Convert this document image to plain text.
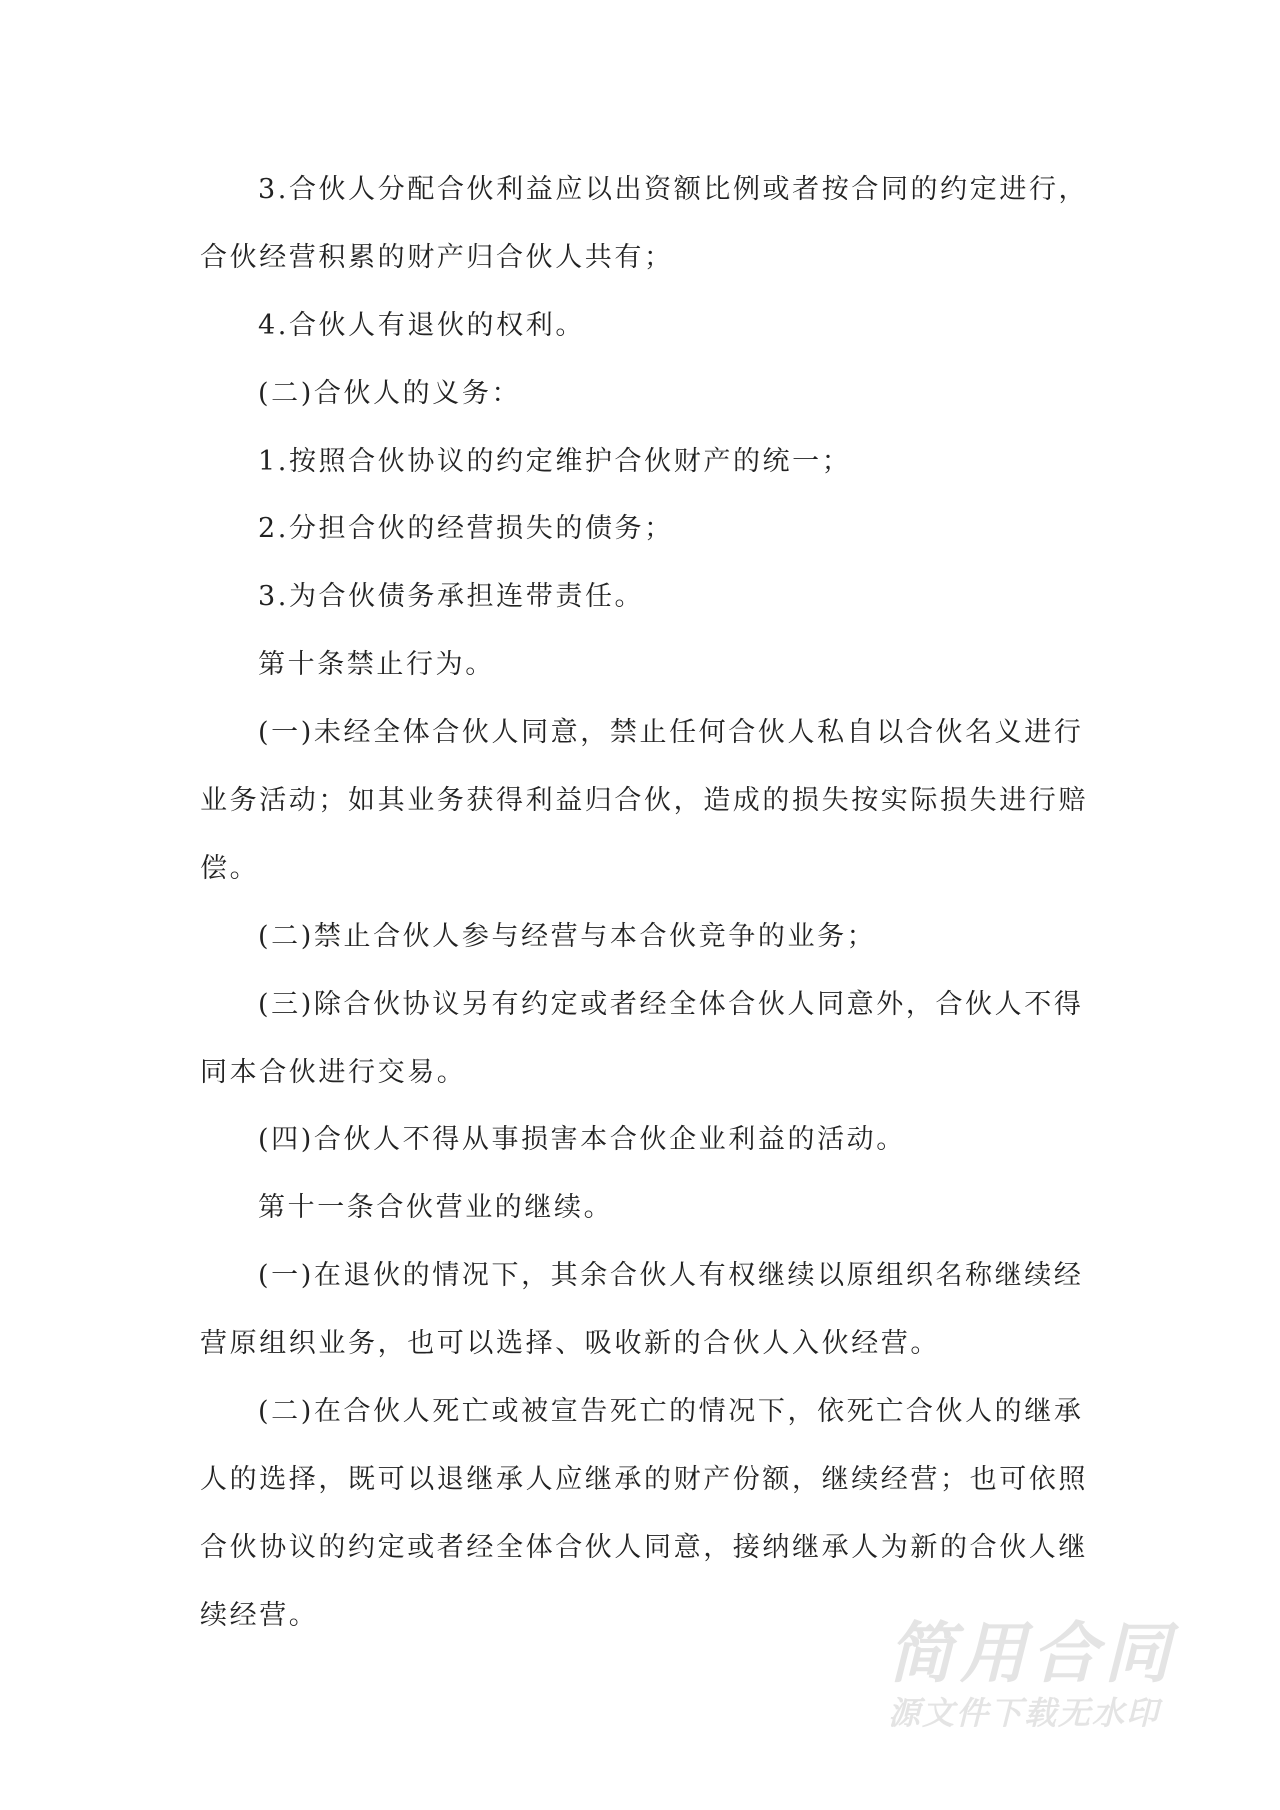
3.合伙人分配合伙利益应以出资额比例或者按合同的约定进行，
合伙经营积累的财产归合伙人共有；
4.合伙人有退伙的权利。
(二)合伙人的义务：
1.按照合伙协议的约定维护合伙财产的统一；
2.分担合伙的经营损失的债务；
3.为合伙债务承担连带责任。
第十条禁止行为。
(一)未经全体合伙人同意，禁止任何合伙人私自以合伙名义进行
业务活动；如其业务获得利益归合伙，造成的损失按实际损失进行赔
偿。
(二)禁止合伙人参与经营与本合伙竞争的业务；
(三)除合伙协议另有约定或者经全体合伙人同意外，合伙人不得
同本合伙进行交易。
(四)合伙人不得从事损害本合伙企业利益的活动。
第十一条合伙营业的继续。
(一)在退伙的情况下，其余合伙人有权继续以原组织名称继续经
营原组织业务，也可以选择、吸收新的合伙人入伙经营。
(二)在合伙人死亡或被宣告死亡的情况下，依死亡合伙人的继承
人的选择，既可以退继承人应继承的财产份额，继续经营；也可依照
合伙协议的约定或者经全体合伙人同意，接纳继承人为新的合伙人继
续经营。	简用合同
源文件下载无水印
